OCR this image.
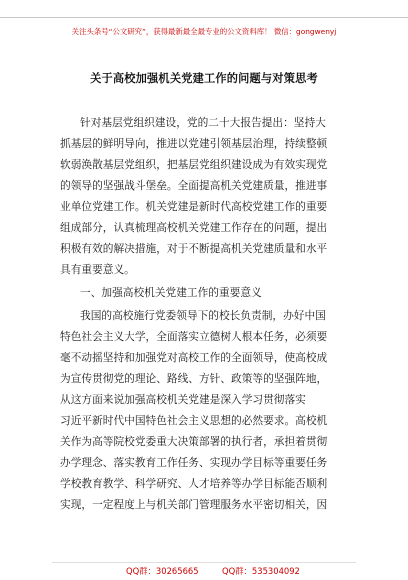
关注头条号“公文研究”，获得最新最全最专业的公文资料库！ 微信：gongwenyj
关于高校加强机关党建工作的问题与对策思考
针对基层党组织建设，党的二十大报告提出：坚持大
抓基层的鲜明导向，推进以党建引领基层治理，持续整顿
软弱涣散基层党组织，把基层党组织建设成为有效实现党
的领导的坚强战斗堡垒。全面提高机关党建质量，推进事
业单位党建工作。机关党建是新时代高校党建工作的重要
组成部分，认真梳理高校机关党建工作存在的问题，提出
积极有效的解决措施，对于不断提高机关党建质量和水平
具有重要意义。
一、加强高校机关党建工作的重要意义
我国的高校施行党委领导下的校长负责制，办好中国
特色社会主义大学，全面落实立德树人根本任务，必须要
毫不动摇坚持和加强党对高校工作的全面领导，使高校成
为宣传贯彻党的理论、路线、方针、政策等的坚强阵地，
从这方面来说加强高校机关党建是深入学习贯彻落实
习近平新时代中国特色社会主义思想的必然要求。高校机
关作为高等院校党委重大决策部署的执行者，承担着贯彻
办学理念、落实教育工作任务、实现办学目标等重要任务
学校教育教学、科学研究、人才培养等办学目标能否顺利
实现，一定程度上与机关部门管理服务水平密切相关，因
QQ群：30265665	QQ群：535304092
